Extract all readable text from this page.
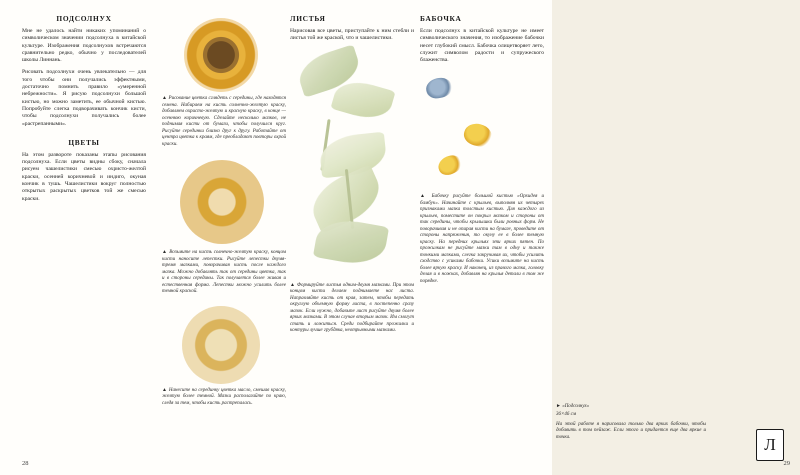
ПОДСОЛНУХ

Мне не удалось найти никаких упоминаний о символическом значении подсолнуха в китайской культуре. Изображения подсолнухов встречаются сравнительно редко, обычно у последователей школы Линнань.

Рисовать подсолнухи очень увлекательно — для того чтобы они получались эффектными, достаточно помнить правило «умеренной небрежности». Я рисую подсолнухи большой кистью, но можно заметить, ее обычной кистью. Попробуйте слегка подворачивать кончик кисти, чтобы подсолнухи получались более «растрепанными».

ЦВЕТЫ

На этом развороте показаны этапы рисования подсолнуха. Если цветы видны сбоку, сначала рисуем чашелистики смесью охристо-желтой краски, осенней коричневой и индиго, окуная кончик в тушь. Чашелистики вокруг полностью открытых раскрытых цветков той же смесью краски.

▲ Рисование цветка сглядеть с середины, где находятся семена. Набираем на кисть солнечно-желтую краску, добавляем охристо-желтую и красную краску, в конце — осеннюю коричневую. Сделайте несколько мазков, не поднимая кисти от бумаги, чтобы получился круг. Рисуйте серединки близко друг к другу. Работайте от центра цветка к краям, где преобладают повторы охрой краски.

▲ Возьмите на кисть солнечно-желтую краску, концом кисти наносите лепестки. Рисуйте лепестки двумя-тремя мазками, поворачивая кисть после каждого мазка. Можно добавлять так от середины цветка, так и в стороны середины. Так получается более живая и естественная форма. Лепестки можно усилить более темной краской.

▲ Нанесите на серединку цветка масло, смешав краску, желтую более темной. Мазки располагайте по краю, следя за тем, чтобы кисть растрепалась.

ЛИСТЬЯ

Нарисовав все цветы, приступайте к ним стебли и листья той же краской, что и чашелистики.

▲ Формируйте листья одним-двумя мазками. При этом концом кисти делаем поднимаете нас листа. Направляйте кисть от края, затем, чтобы передать округлую объемную форму листа, в постепенно сразу мазок. Если нужно, добавьте лист рисуйте двумя более ярких мазками. В этом случае вторым мазок. Им смогут стать и ложиться. Среди подбирайте прожилки и контуры лучше грубдяка, неотрывными мазками.

БАБОЧКА

Если подсолнух в китайской культуре не имеет символического значения, то изображение бабочки несет глубокий смысл. Бабочка олицетворяет лето, служит символом радости и супружеского блаженства.

▲ Бабочку рисуйте большой кистью «Орхидея и бамбук». Начинайте с крыльев, выполняя их четырех признаками мазка толстым кистью. Для каждого из крыльев, поместите он покрыл мазком и стороны от так середины, чтобы крылышки были ровных форм. Не поворачивая и не опирая кисти на бумаге, проведите от стороны напряжения, то окуну ее в более темную краску. На передних крыльях эти ярких пятен. По прожилкам не рисуйте мазки там в одну и также тонкими мазками, слегка закручивая их, чтобы усилить сходство с усиками бабочки. Усики возьмите на кисть более яркую краску. И наконец, из правого мазка, головку делая и в ножках, добавляя на крылья детали в том же порядке.

28

► «Подсолнух»

36×46 см

На этой работе я нарисовала только два ярких бабочки, чтобы добавить в том пейзаж. Если этого и придается еще два яркие и точка.	Л
29
